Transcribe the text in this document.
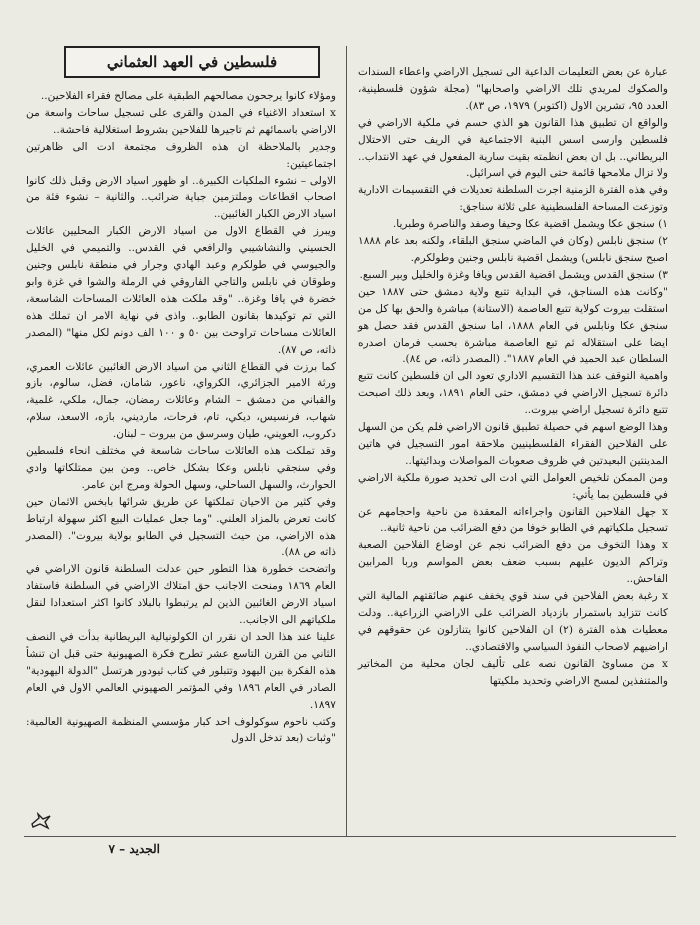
فلسطين في العهد العثماني

عبارة عن بعض التعليمات الداعية الى تسجيل الاراضي واعطاء السندات والصكوك لمريدي تلك الاراضي واصحابها" (مجلة شؤون فلسطينية، العدد ٩٥، تشرين الاول (اكتوبر) ١٩٧٩، ص ٨٣).

والواقع ان تطبيق هذا القانون هو الذي حسم في ملكية الاراضي في فلسطين وارسى اسس البنية الاجتماعية في الريف حتى الاحتلال البريطاني.. بل ان بعض انظمته بقيت سارية المفعول في عهد الانتداب.. ولا تزال ملامحها قائمة حتى اليوم في اسرائيل.

وفي هذه الفترة الزمنية اجرت السلطنة تعديلات في التقسيمات الادارية وتوزعت المساحة الفلسطينية على ثلاثة سناجق:

١) سنجق عكا ويشمل اقضية عكا وحيفا وصفد والناصرة وطبريا.

٢) سنجق نابلس (وكان في الماضي سنجق البلقاء، ولكنه بعد عام ١٨٨٨ اصبح سنجق نابلس) ويشمل اقضية نابلس وجنين وطولكرم.

٣) سنجق القدس ويشمل اقضية القدس ويافا وغزة والخليل وبير السبع.

"وكانت هذه السناجق، في البداية تتبع ولاية دمشق حتى ١٨٨٧ حين استقلت بيروت كولاية تتبع العاصمة (الاستانة) مباشرة والحق بها كل من سنجق عكا ونابلس في العام ١٨٨٨، اما سنجق القدس فقد حصل هو ايضا على استقلاله ثم تبع العاصمة مباشرة بحسب فرمان اصدره السلطان عبد الحميد في العام ١٨٨٧". (المصدر ذاته، ص ٨٤).

واهمية التوقف عند هذا التقسيم الاداري تعود الى ان فلسطين كانت تتبع دائرة تسجيل الاراضي في دمشق، حتى العام ١٨٩١، وبعد ذلك اصبحت تتبع دائرة تسجيل اراضي بيروت..

وهذا الوضع اسهم في حصيلة تطبيق قانون الاراضي فلم يكن من السهل على الفلاحين الفقراء الفلسطينيين ملاحقة امور التسجيل في هاتين المدينتين البعيدتين في ظروف صعوبات المواصلات وبدائيتها..

ومن الممكن تلخيص العوامل التي ادت الى تحديد صورة ملكية الاراضي في فلسطين بما يأتي:

x جهل الفلاحين القانون واجراءاته المعقدة من ناحية واحجامهم عن تسجيل ملكياتهم في الطابو خوفا من دفع الضرائب من ناحية ثانية..

x وهذا التخوف من دفع الضرائب نجم عن اوضاع الفلاحين الصعبة وتراكم الديون عليهم بسبب ضعف بعض المواسم وربا المرابين الفاحش..

x رغبة بعض الفلاحين في سند قوي يخفف عنهم ضائقتهم المالية التي كانت تتزايد باستمرار بازدياد الضرائب على الاراضي الزراعية.. ودلت معطيات هذه الفترة (٢) ان الفلاحين كانوا يتنازلون عن حقوقهم في اراضيهم لاصحاب النفوذ السياسي والاقتصادي..

x من مساوئ القانون نصه على تأليف لجان محلية من المخاتير والمتنفذين لمسح الاراضي وتحديد ملكيتها

ومؤلاء كانوا يرجحون مصالحهم الطبقية على مصالح فقراء الفلاحين..

x استعداد الاغنياء في المدن والقرى على تسجيل ساحات واسعة من الاراضي باسمائهم ثم تاجيرها للفلاحين بشروط استغلالية فاحشة..

وجدير بالملاحظة ان هذه الظروف مجتمعة ادت الى ظاهرتين اجتماعيتين:

الاولى – نشوء الملكيات الكبيرة.. او ظهور اسياد الارض وقبل ذلك كانوا اصحاب اقطاعات وملتزمين جباية ضرائب.. والثانية – نشوء فئة من اسياد الارض الكبار الغائبين..

ويبرز في القطاع الاول من اسياد الارض الكبار المحليين عائلات الحسيني والنشاشيبي والرافعي في القدس.. والتميمي في الخليل والجيوسي في طولكرم وعبد الهادي وجرار في منطقة نابلس وجنين وطوقان في نابلس والتاجي الفاروقي في الرملة والشوا في غزة وابو خضرة في يافا وغزة.. "وقد ملكت هذه العائلات المساحات الشاسعة، التي تم توكيدها بقانون الطابو.. واذى في نهاية الامر ان تملك هذه العائلات مساحات تراوحت بين ٥٠ و ١٠٠ الف دونم لكل منها" (المصدر ذاته، ص ٨٧).

كما برزت في القطاع الثاني من اسياد الارض الغائبين عائلات العمري، ورثة الامير الجزائري، الكرواي، ناعور، شامان، فضل، سالوم، بازو والقباني من دمشق – الشام وعائلات رمضان، جمال، ملكي، غلمية، شهاب، فرنسيس، ديكي، تام، فرحات، مارديني، بازه، الاسعد، سلام، دكروب، العويني، طيان وسرسق من بيروت – لبنان.

وقد تملكت هذه العائلات ساحات شاسعة في مختلف انحاء فلسطين وفي سنجقي نابلس وعكا بشكل خاص.. ومن بين ممتلكاتها وادي الحوارث، والسهل الساحلي، وسهل الحولة ومرج ابن عامر.

وفي كثير من الاحيان تملكتها عن طريق شرائها بابخس الاثمان حين كانت تعرض بالمزاد العلني. "وما جعل عمليات البيع اكثر سهولة ارتباط هذه الاراضي، من حيث التسجيل في الطابو بولاية بيروت". (المصدر ذاته ص ٨٨).

واتضحت خطورة هذا التطور حين عدلت السلطنة قانون الاراضي في العام ١٨٦٩ ومنحت الاجانب حق امتلاك الاراضي في السلطنة فاستفاد اسياد الارض الغائبين الذين لم يرتبطوا بالبلاد كانوا اكثر استعدادا لنقل ملكياتهم الى الاجانب..

علينا عند هذا الحد ان نقرر ان الكولونيالية البريطانية بدأت في النصف الثاني من القرن التاسع عشر تطرح فكرة الصهيونية حتى قبل ان تنشأ هذه الفكرة بين اليهود وتتبلور في كتاب ثيودور هرتسل "الدولة اليهودية" الصادر في العام ١٨٩٦ وفي المؤتمر الصهيوني العالمي الاول في العام ١٨٩٧.

وكتب ناحوم سوكولوف احد كبار مؤسسي المنظمة الصهيونية العالمية: "وثبات (بعد تدخل الدول

الجديد – ٧
